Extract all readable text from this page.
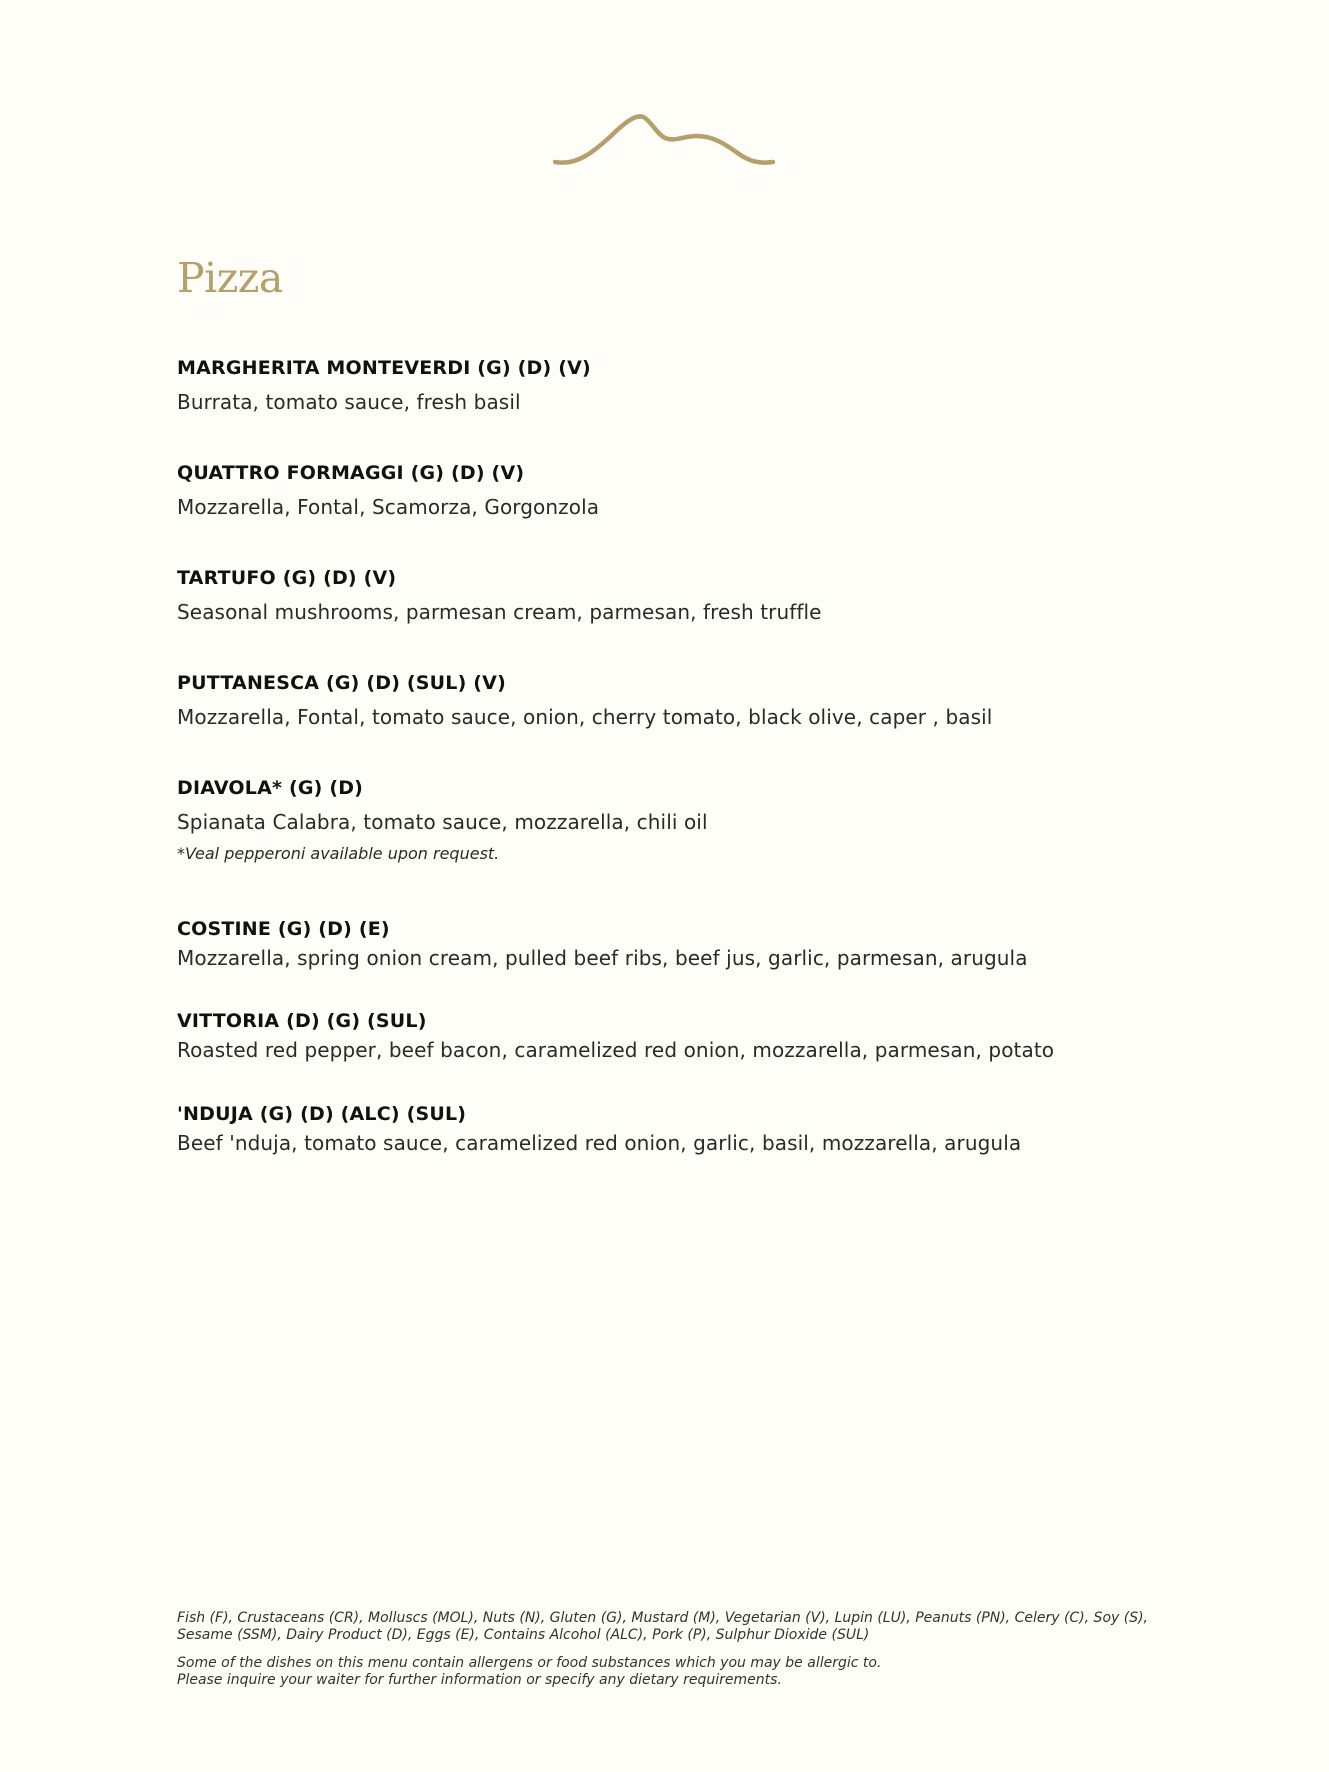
Pizza

MARGHERITA MONTEVERDI (G) (D) (V)

Burrata, tomato sauce, fresh basil

QUATTRO FORMAGGI (G) (D) (V)

Mozzarella, Fontal, Scamorza, Gorgonzola

TARTUFO (G) (D) (V)

Seasonal mushrooms, parmesan cream, parmesan, fresh truffle

PUTTANESCA (G) (D) (SUL) (V)

Mozzarella, Fontal, tomato sauce, onion, cherry tomato, black olive, caper , basil

DIAVOLA* (G) (D)

Spianata Calabra, tomato sauce, mozzarella, chili oil

*Veal pepperoni available upon request.

COSTINE (G) (D) (E)

Mozzarella, spring onion cream, pulled beef ribs, beef jus, garlic, parmesan, arugula

VITTORIA (D) (G) (SUL)

Roasted red pepper, beef bacon, caramelized red onion, mozzarella, parmesan, potato

'NDUJA (G) (D) (ALC) (SUL)

Beef 'nduja, tomato sauce, caramelized red onion, garlic, basil, mozzarella, arugula

Fish (F), Crustaceans (CR), Molluscs (MOL), Nuts (N), Gluten (G), Mustard (M), Vegetarian (V), Lupin (LU), Peanuts (PN), Celery (C), Soy (S),

Sesame (SSM), Dairy Product (D), Eggs (E), Contains Alcohol (ALC), Pork (P), Sulphur Dioxide (SUL)

Some of the dishes on this menu contain allergens or food substances which you may be allergic to.

Please inquire your waiter for further information or specify any dietary requirements.
